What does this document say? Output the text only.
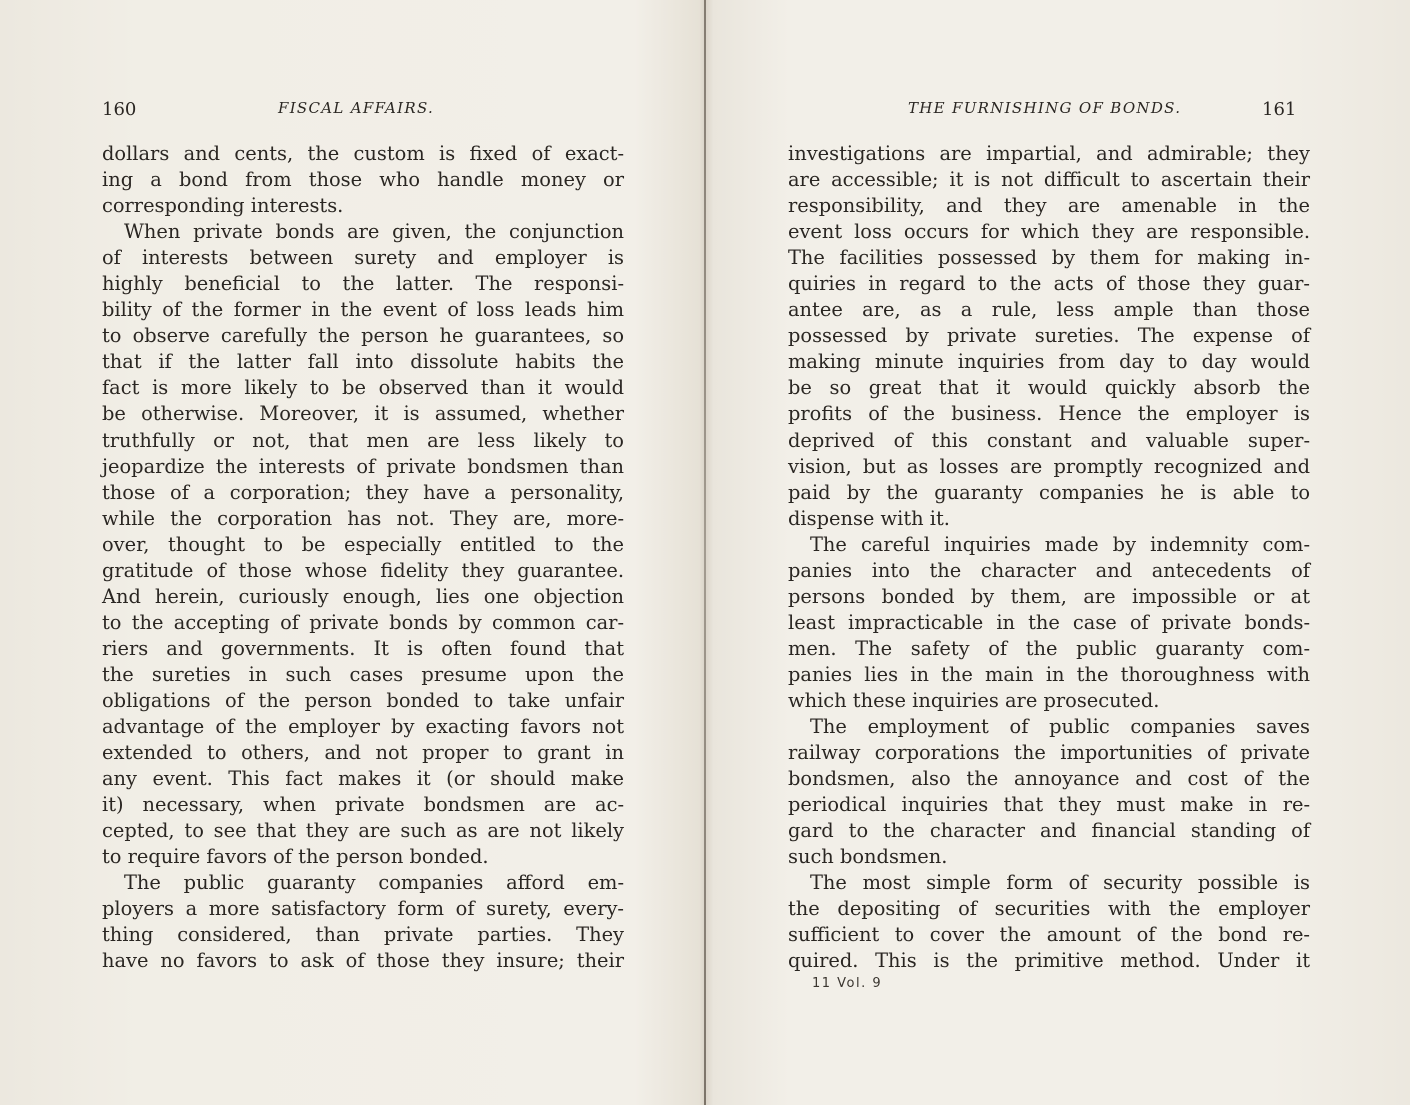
160	FISCAL AFFAIRS.
dollars and cents, the custom is fixed of exact-
ing a bond from those who handle money or
corresponding interests.
When private bonds are given, the conjunction
of interests between surety and employer is
highly beneficial to the latter. The responsi-
bility of the former in the event of loss leads him
to observe carefully the person he guarantees, so
that if the latter fall into dissolute habits the
fact is more likely to be observed than it would
be otherwise. Moreover, it is assumed, whether
truthfully or not, that men are less likely to
jeopardize the interests of private bondsmen than
those of a corporation; they have a personality,
while the corporation has not. They are, more-
over, thought to be especially entitled to the
gratitude of those whose fidelity they guarantee.
And herein, curiously enough, lies one objection
to the accepting of private bonds by common car-
riers and governments. It is often found that
the sureties in such cases presume upon the
obligations of the person bonded to take unfair
advantage of the employer by exacting favors not
extended to others, and not proper to grant in
any event. This fact makes it (or should make
it) necessary, when private bondsmen are ac-
cepted, to see that they are such as are not likely
to require favors of the person bonded.
The public guaranty companies afford em-
ployers a more satisfactory form of surety, every-
thing considered, than private parties. They
have no favors to ask of those they insure; their
THE FURNISHING OF BONDS.	161
investigations are impartial, and admirable; they
are accessible; it is not difficult to ascertain their
responsibility, and they are amenable in the
event loss occurs for which they are responsible.
The facilities possessed by them for making in-
quiries in regard to the acts of those they guar-
antee are, as a rule, less ample than those
possessed by private sureties. The expense of
making minute inquiries from day to day would
be so great that it would quickly absorb the
profits of the business. Hence the employer is
deprived of this constant and valuable super-
vision, but as losses are promptly recognized and
paid by the guaranty companies he is able to
dispense with it.
The careful inquiries made by indemnity com-
panies into the character and antecedents of
persons bonded by them, are impossible or at
least impracticable in the case of private bonds-
men. The safety of the public guaranty com-
panies lies in the main in the thoroughness with
which these inquiries are prosecuted.
The employment of public companies saves
railway corporations the importunities of private
bondsmen, also the annoyance and cost of the
periodical inquiries that they must make in re-
gard to the character and financial standing of
such bondsmen.
The most simple form of security possible is
the depositing of securities with the employer
sufficient to cover the amount of the bond re-
quired. This is the primitive method. Under it
11 Vol. 9
